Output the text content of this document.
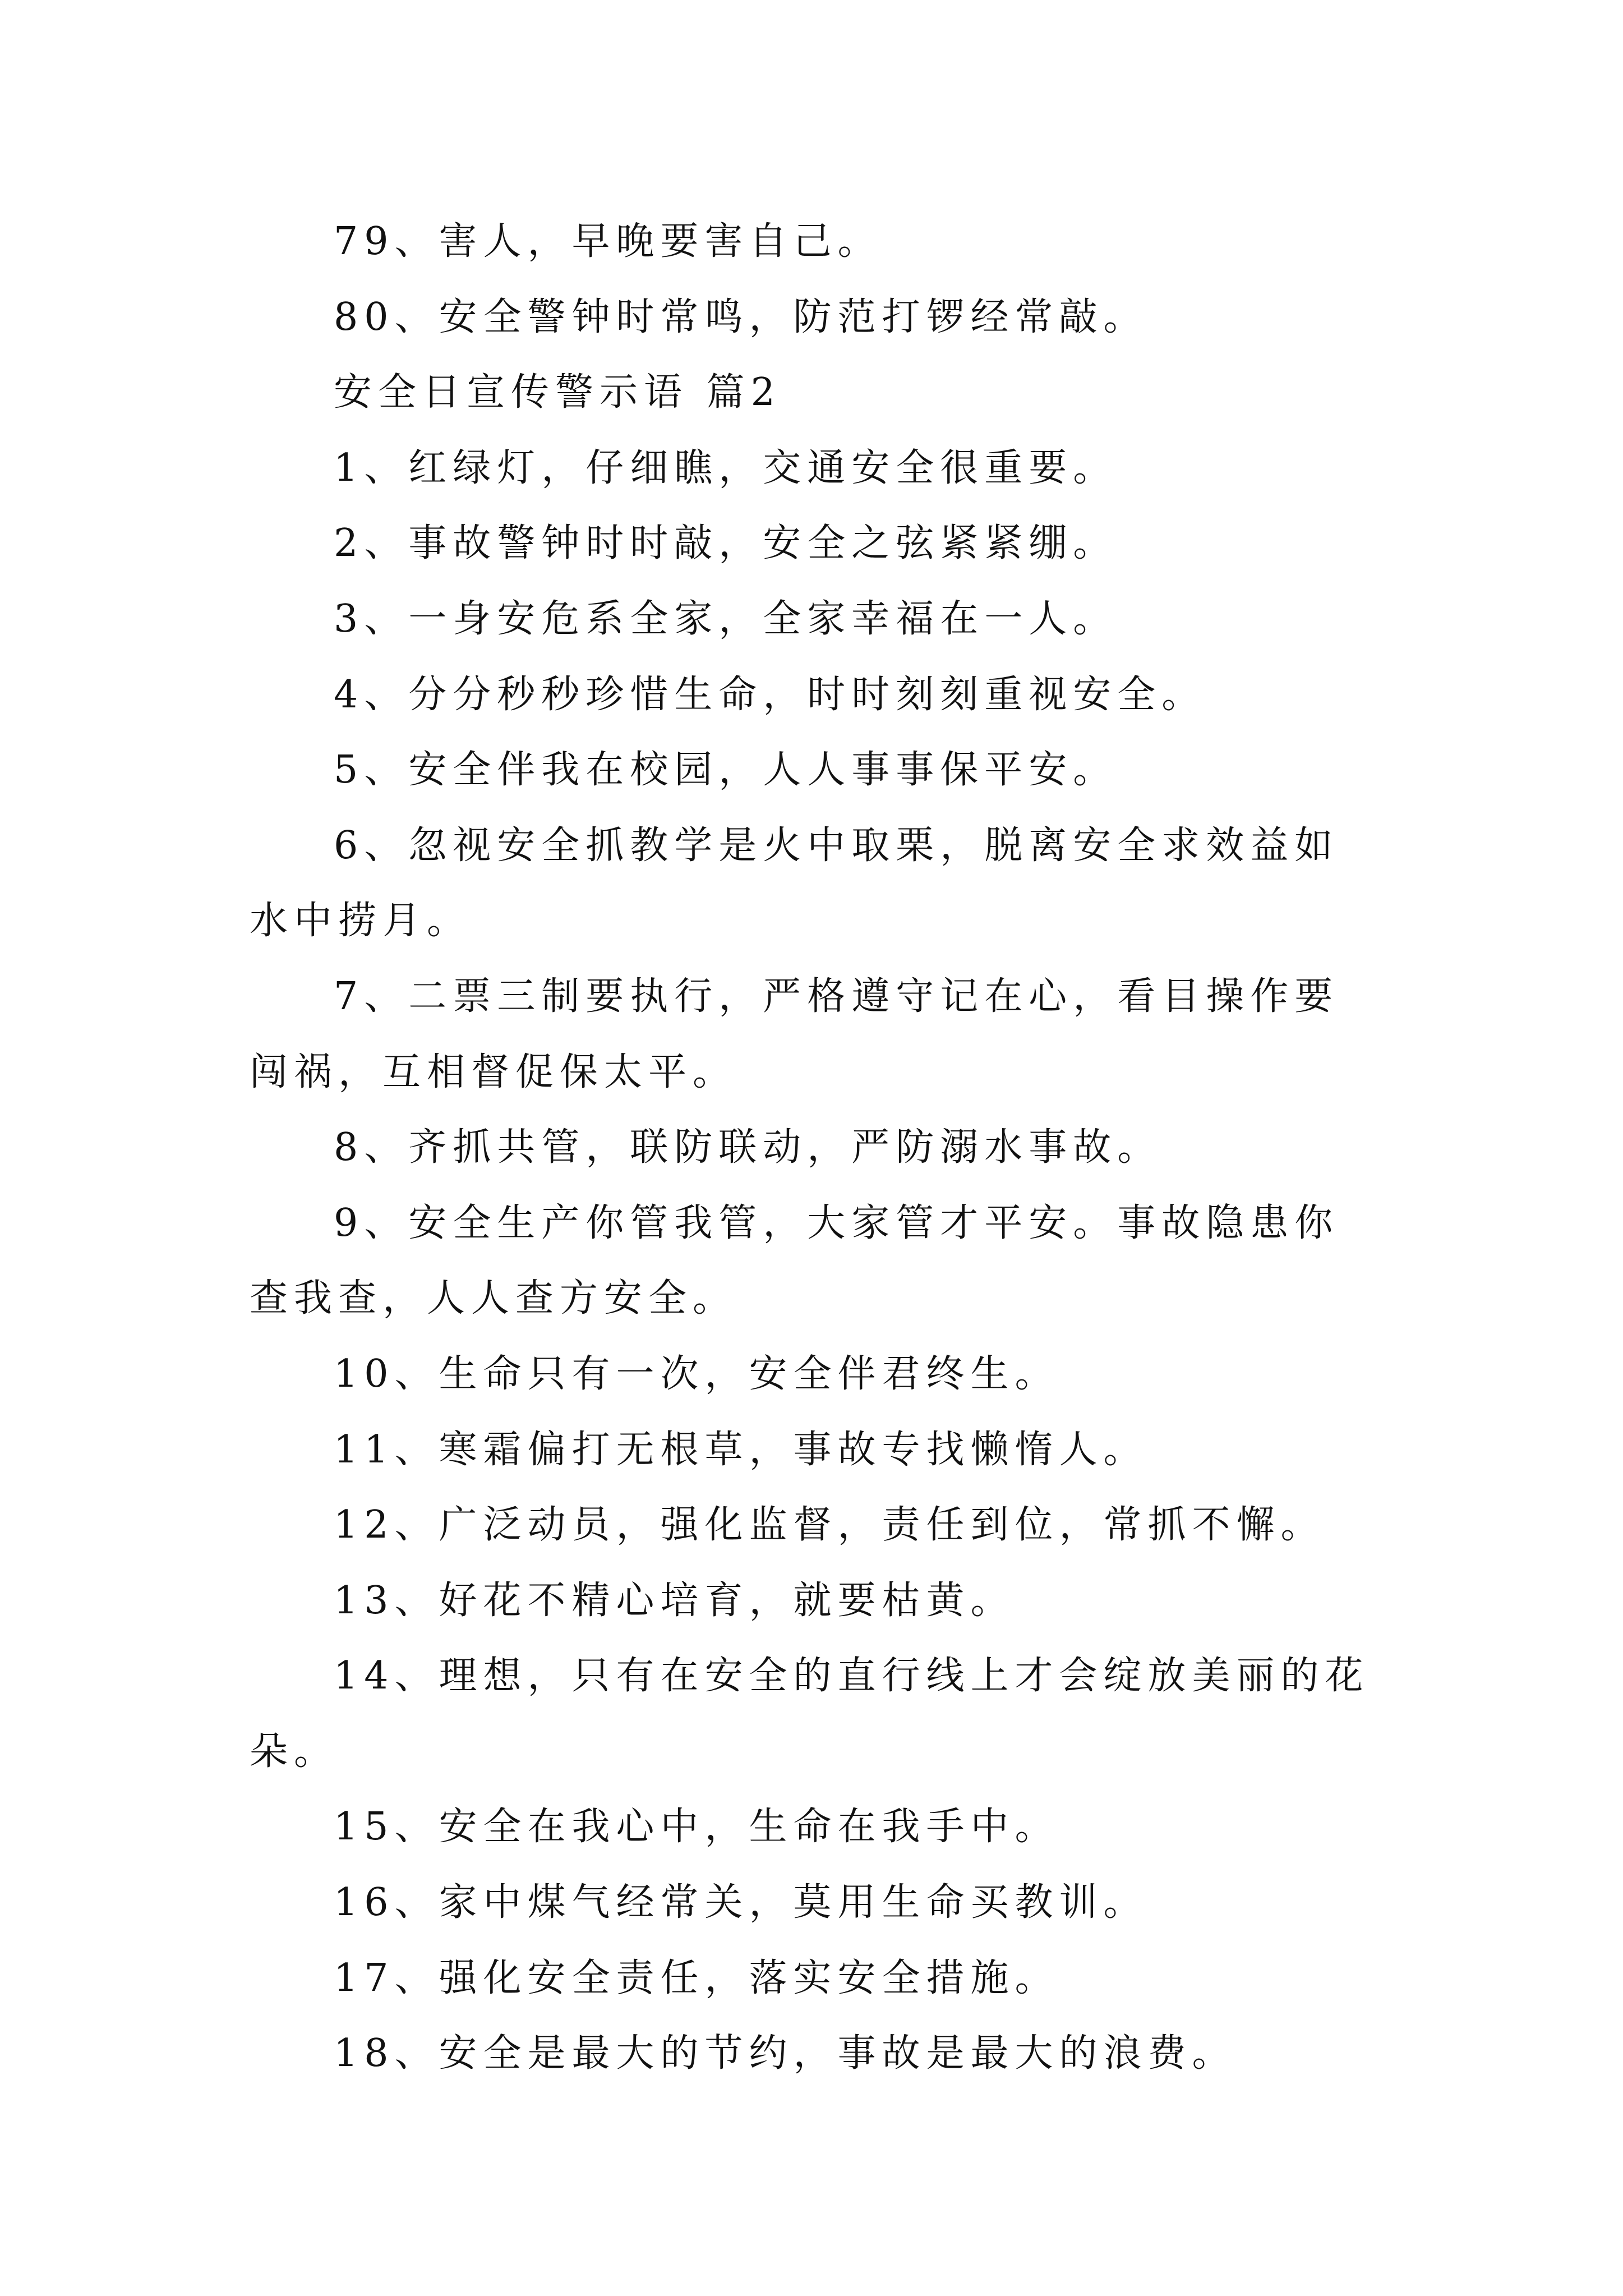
79、害人，早晚要害自己。

80、安全警钟时常鸣，防范打锣经常敲。

安全日宣传警示语 篇2

1、红绿灯，仔细瞧，交通安全很重要。

2、事故警钟时时敲，安全之弦紧紧绷。

3、一身安危系全家，全家幸福在一人。

4、分分秒秒珍惜生命，时时刻刻重视安全。

5、安全伴我在校园，人人事事保平安。

6、忽视安全抓教学是火中取栗，脱离安全求效益如水中捞月。

7、二票三制要执行，严格遵守记在心，看目操作要闯祸，互相督促保太平。

8、齐抓共管，联防联动，严防溺水事故。

9、安全生产你管我管，大家管才平安。事故隐患你查我查，人人查方安全。

10、生命只有一次，安全伴君终生。

11、寒霜偏打无根草，事故专找懒惰人。

12、广泛动员，强化监督，责任到位，常抓不懈。

13、好花不精心培育，就要枯黄。

14、理想，只有在安全的直行线上才会绽放美丽的花朵。

15、安全在我心中，生命在我手中。

16、家中煤气经常关，莫用生命买教训。

17、强化安全责任，落实安全措施。

18、安全是最大的节约，事故是最大的浪费。
